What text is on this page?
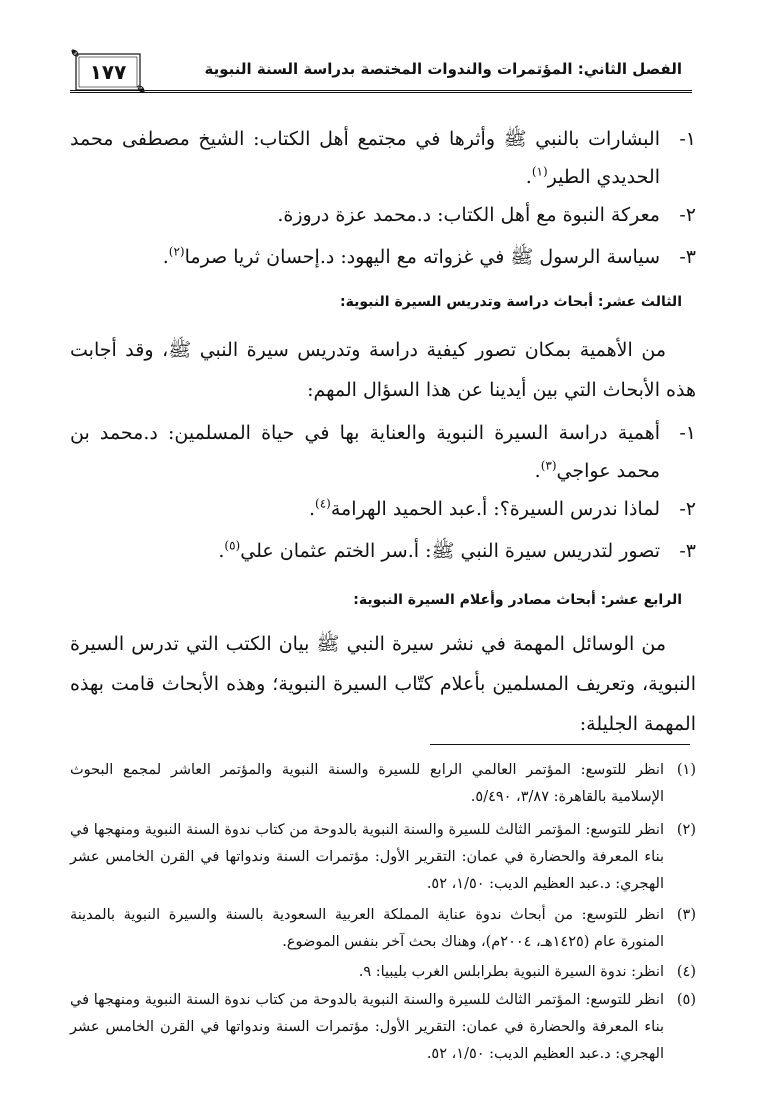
الفصل الثاني: المؤتمرات والندوات المختصة بدراسة السنة النبوية
١٧٧
١-
البشارات بالنبي ﷺ وأثرها في مجتمع أهل الكتاب: الشيخ مصطفى محمد الحديدي الطير$^{(١)}$.
٢-
معركة النبوة مع أهل الكتاب: د.محمد عزة دروزة.
٣-
سياسة الرسول ﷺ في غزواته مع اليهود: د.إحسان ثريا صرما$^{(٢)}$.
الثالث عشر: أبحاث دراسة وتدريس السيرة النبوية:
من الأهمية بمكان تصور كيفية دراسة وتدريس سيرة النبي ﷺ، وقد أجابت هذه الأبحاث التي بين أيدينا عن هذا السؤال المهم:
١-
أهمية دراسة السيرة النبوية والعناية بها في حياة المسلمين: د.محمد بن محمد عواجي$^{(٣)}$.
٢-
لماذا ندرس السيرة؟: أ.عبد الحميد الهرامة$^{(٤)}$.
٣-
تصور لتدريس سيرة النبي ﷺ: أ.سر الختم عثمان علي$^{(٥)}$.
الرابع عشر: أبحاث مصادر وأعلام السيرة النبوية:
من الوسائل المهمة في نشر سيرة النبي ﷺ بيان الكتب التي تدرس السيرة النبوية، وتعريف المسلمين بأعلام كتّاب السيرة النبوية؛ وهذه الأبحاث قامت بهذه المهمة الجليلة:
(١)
انظر للتوسع: المؤتمر العالمي الرابع للسيرة والسنة النبوية والمؤتمر العاشر لمجمع البحوث الإسلامية بالقاهرة: ٣/٨٧، ٥/٤٩٠.
(٢)
انظر للتوسع: المؤتمر الثالث للسيرة والسنة النبوية بالدوحة من كتاب ندوة السنة النبوية ومنهجها في بناء المعرفة والحضارة في عمان: التقرير الأول: مؤتمرات السنة وندواتها في القرن الخامس عشر الهجري: د.عبد العظيم الديب: ١/٥٠، ٥٢.
(٣)
انظر للتوسع: من أبحاث ندوة عناية المملكة العربية السعودية بالسنة والسيرة النبوية بالمدينة المنورة عام (١٤٢٥هـ، ٢٠٠٤م)، وهناك بحث آخر بنفس الموضوع.
(٤)
انظر: ندوة السيرة النبوية بطرابلس الغرب بليبيا: ٩.
(٥)
انظر للتوسع: المؤتمر الثالث للسيرة والسنة النبوية بالدوحة من كتاب ندوة السنة النبوية ومنهجها في بناء المعرفة والحضارة في عمان: التقرير الأول: مؤتمرات السنة وندواتها في القرن الخامس عشر الهجري: د.عبد العظيم الديب: ١/٥٠، ٥٢.
